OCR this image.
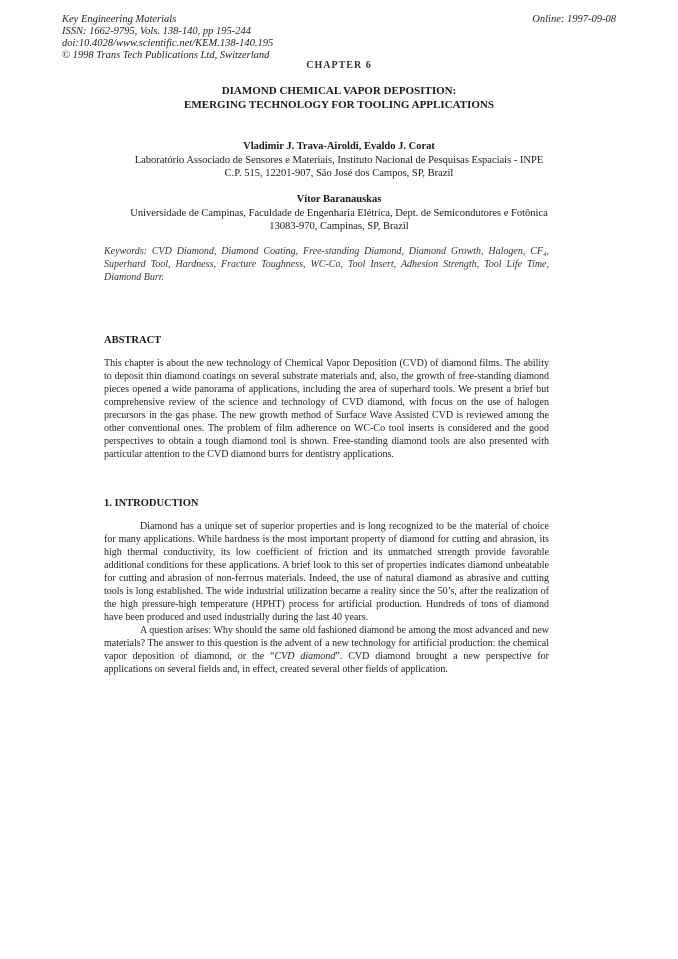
Key Engineering Materials
ISSN: 1662-9795, Vols. 138-140, pp 195-244
doi:10.4028/www.scientific.net/KEM.138-140.195
© 1998 Trans Tech Publications Ltd, Switzerland
Online: 1997-09-08
CHAPTER 6
DIAMOND CHEMICAL VAPOR DEPOSITION:
EMERGING TECHNOLOGY FOR TOOLING APPLICATIONS
Vladimir J. Trava-Airoldi, Evaldo J. Corat
Laboratório Associado de Sensores e Materiais, Instituto Nacional de Pesquisas Espaciais - INPE
C.P. 515, 12201-907, São José dos Campos, SP, Brazil
Vítor Baranauskas
Universidade de Campinas, Faculdade de Engenharia Elétrica, Dept. de Semicondutores e Fotônica
13083-970, Campinas, SP, Brazil
Keywords: CVD Diamond, Diamond Coating, Free-standing Diamond, Diamond Growth, Halogen, CF₄, Superhard Tool, Hardness, Fracture Toughness, WC-Co, Tool Insert, Adhesion Strength, Tool Life Time, Diamond Burr.
ABSTRACT
This chapter is about the new technology of Chemical Vapor Deposition (CVD) of diamond films. The ability to deposit thin diamond coatings on several substrate materials and, also, the growth of free-standing diamond pieces opened a wide panorama of applications, including the area of superhard tools. We present a brief but comprehensive review of the science and technology of CVD diamond, with focus on the use of halogen precursors in the gas phase. The new growth method of Surface Wave Assisted CVD is reviewed among the other conventional ones. The problem of film adherence on WC-Co tool inserts is considered and the good perspectives to obtain a tough diamond tool is shown. Free-standing diamond tools are also presented with particular attention to the CVD diamond burrs for dentistry applications.
1. INTRODUCTION

Diamond has a unique set of superior properties and is long recognized to be the material of choice for many applications. While hardness is the most important property of diamond for cutting and abrasion, its high thermal conductivity, its low coefficient of friction and its unmatched strength provide favorable additional conditions for these applications. A brief look to this set of properties indicates diamond unbeatable for cutting and abrasion of non-ferrous materials. Indeed, the use of natural diamond as abrasive and cutting tools is long established. The wide industrial utilization became a reality since the 50’s, after the realization of the high pressure-high temperature (HPHT) process for artificial production. Hundreds of tons of diamond have been produced and used industrially during the last 40 years.

A question arises: Why should the same old fashioned diamond be among the most advanced and new materials? The answer to this question is the advent of a new technology for artificial production: the chemical vapor deposition of diamond, or the “CVD diamond”. CVD diamond brought a new perspective for applications on several fields and, in effect, created several other fields of application.
